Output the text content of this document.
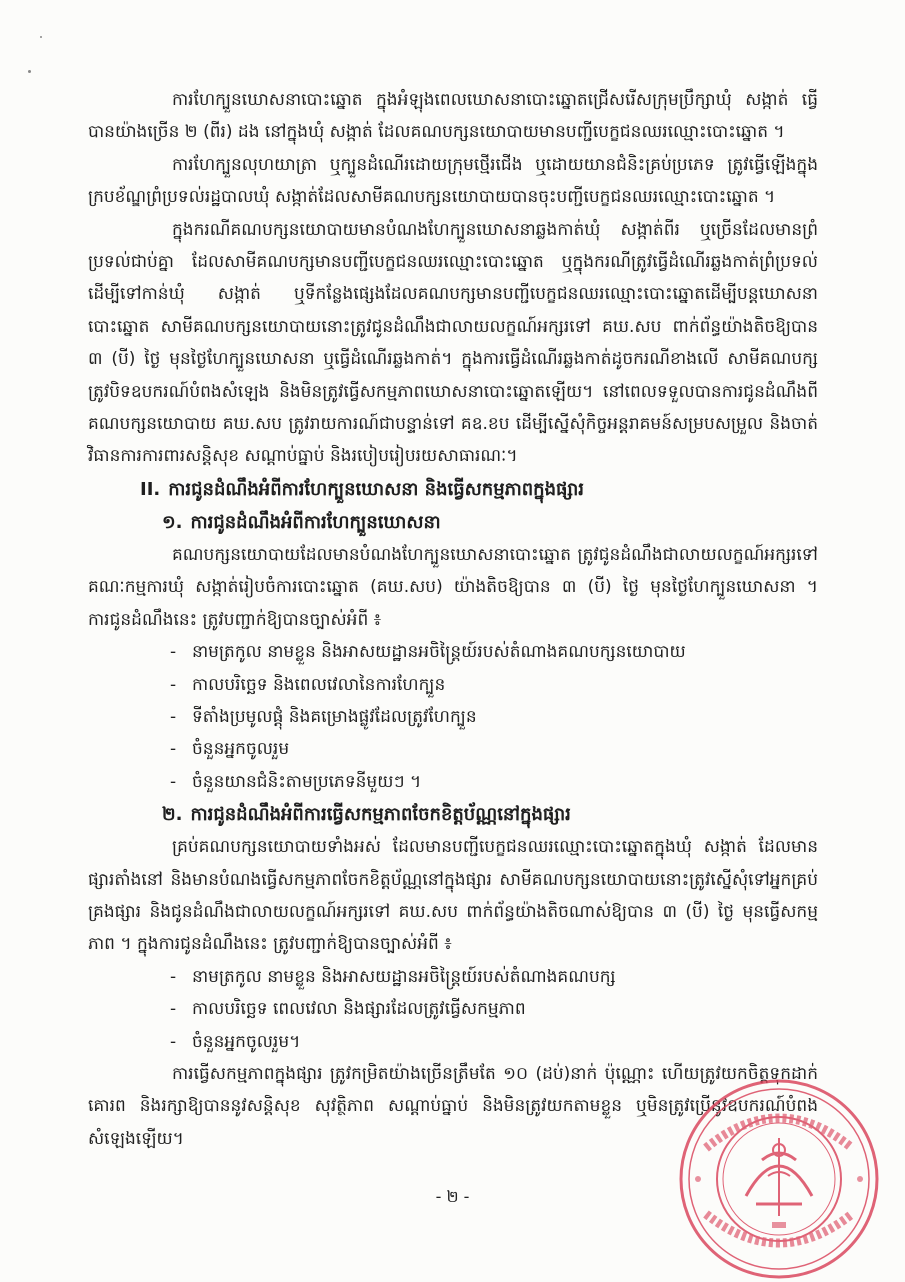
ការហែក្បួនឃោសនាបោះឆ្នោត ក្នុងអំឡុងពេលឃោសនាបោះឆ្នោតជ្រើសរើសក្រុមប្រឹក្សាឃុំ សង្កាត់ ធ្វើបានយ៉ាងច្រើន ២ (ពីរ) ដង នៅក្នុងឃុំ សង្កាត់ ដែលគណបក្សនយោបាយមានបញ្ជីបេក្ខជនឈរឈ្មោះបោះឆ្នោត ។

ការហែក្បួនលុហយាត្រា ឬក្បួនដំណើរដោយក្រុមថ្មើរជើង ឬដោយយានជំនិះគ្រប់ប្រភេទ ត្រូវធ្វើឡើងក្នុងក្របខ័ណ្ឌព្រំប្រទល់រដ្ឋបាលឃុំ សង្កាត់ដែលសាមីគណបក្សនយោបាយបានចុះបញ្ជីបេក្ខជនឈរឈ្មោះបោះឆ្នោត ។

ក្នុងករណីគណបក្សនយោបាយមានបំណងហែក្បួនឃោសនាឆ្លងកាត់ឃុំ សង្កាត់ពីរ ឬច្រើនដែលមានព្រំប្រទល់ជាប់គ្នា ដែលសាមីគណបក្សមានបញ្ជីបេក្ខជនឈរឈ្មោះបោះឆ្នោត ឬក្នុងករណីត្រូវធ្វើដំណើរឆ្លងកាត់ព្រំប្រទល់ដើម្បីទៅកាន់ឃុំ សង្កាត់ ឬទីកន្លែងផ្សេងដែលគណបក្សមានបញ្ជីបេក្ខជនឈរឈ្មោះបោះឆ្នោតដើម្បីបន្តឃោសនាបោះឆ្នោត សាមីគណបក្សនយោបាយនោះត្រូវជូនដំណឹងជាលាយលក្ខណ៍អក្សរទៅ គឃ.សប ពាក់ព័ន្ធយ៉ាងតិចឱ្យបាន ៣ (បី) ថ្ងៃ មុនថ្ងៃហែក្បួនឃោសនា ឬធ្វើដំណើរឆ្លងកាត់។ ក្នុងការធ្វើដំណើរឆ្លងកាត់ដូចករណីខាងលើ សាមីគណបក្សត្រូវបិទឧបករណ៍បំពងសំឡេង និងមិនត្រូវធ្វើសកម្មភាពឃោសនាបោះឆ្នោតឡើយ។ នៅពេលទទួលបានការជូនដំណឹងពីគណបក្សនយោបាយ គឃ.សប ត្រូវរាយការណ៍ជាបន្ទាន់ទៅ គឧ.ខប ដើម្បីស្នើសុំកិច្ចអន្តរាគមន៍សម្របសម្រួល និងចាត់វិធានការការពារសន្តិសុខ សណ្តាប់ធ្នាប់ និងរបៀបរៀបរយសាធារណៈ។

II. ការជូនដំណឹងអំពីការហែក្បួនឃោសនា និងធ្វើសកម្មភាពក្នុងផ្សារ

១. ការជូនដំណឹងអំពីការហែក្បួនឃោសនា

គណបក្សនយោបាយដែលមានបំណងហែក្បួនឃោសនាបោះឆ្នោត ត្រូវជូនដំណឹងជាលាយលក្ខណ៍អក្សរទៅគណៈកម្មការឃុំ សង្កាត់រៀបចំការបោះឆ្នោត (គឃ.សប) យ៉ាងតិចឱ្យបាន ៣ (បី) ថ្ងៃ មុនថ្ងៃហែក្បួនឃោសនា ។ ការជូនដំណឹងនេះ ត្រូវបញ្ជាក់ឱ្យបានច្បាស់អំពី ៖

- នាមត្រកូល នាមខ្លួន និងអាសយដ្ឋានអចិន្ត្រៃយ៍របស់តំណាងគណបក្សនយោបាយ
- កាលបរិច្ឆេទ និងពេលវេលានៃការហែក្បួន
- ទីតាំងប្រមូលផ្តុំ និងគម្រោងផ្លូវដែលត្រូវហែក្បួន
- ចំនួនអ្នកចូលរួម
- ចំនួនយានជំនិះតាមប្រភេទនីមួយៗ ។

២. ការជូនដំណឹងអំពីការធ្វើសកម្មភាពចែកខិត្តប័ណ្ណនៅក្នុងផ្សារ

គ្រប់គណបក្សនយោបាយទាំងអស់ ដែលមានបញ្ជីបេក្ខជនឈរឈ្មោះបោះឆ្នោតក្នុងឃុំ សង្កាត់ ដែលមានផ្សារតាំងនៅ និងមានបំណងធ្វើសកម្មភាពចែកខិត្តប័ណ្ណនៅក្នុងផ្សារ សាមីគណបក្សនយោបាយនោះត្រូវស្នើសុំទៅអ្នកគ្រប់គ្រងផ្សារ និងជូនដំណឹងជាលាយលក្ខណ៍អក្សរទៅ គឃ.សប ពាក់ព័ន្ធយ៉ាងតិចណាស់ឱ្យបាន ៣ (បី) ថ្ងៃ មុនធ្វើសកម្មភាព ។ ក្នុងការជូនដំណឹងនេះ ត្រូវបញ្ជាក់ឱ្យបានច្បាស់អំពី ៖

- នាមត្រកូល នាមខ្លួន និងអាសយដ្ឋានអចិន្ត្រៃយ៍របស់តំណាងគណបក្ស
- កាលបរិច្ឆេទ ពេលវេលា និងផ្សារដែលត្រូវធ្វើសកម្មភាព
- ចំនួនអ្នកចូលរួម។

ការធ្វើសកម្មភាពក្នុងផ្សារ ត្រូវកម្រិតយ៉ាងច្រើនត្រឹមតែ ១០ (ដប់)នាក់ ប៉ុណ្ណោះ ហើយត្រូវយកចិត្តទុកដាក់គោរព និងរក្សាឱ្យបាននូវសន្តិសុខ សុវត្ថិភាព សណ្តាប់ធ្នាប់ និងមិនត្រូវយកតាមខ្លួន ឬមិនត្រូវប្រើនូវឧបករណ៍បំពងសំឡេងឡើយ។

- ២ -
